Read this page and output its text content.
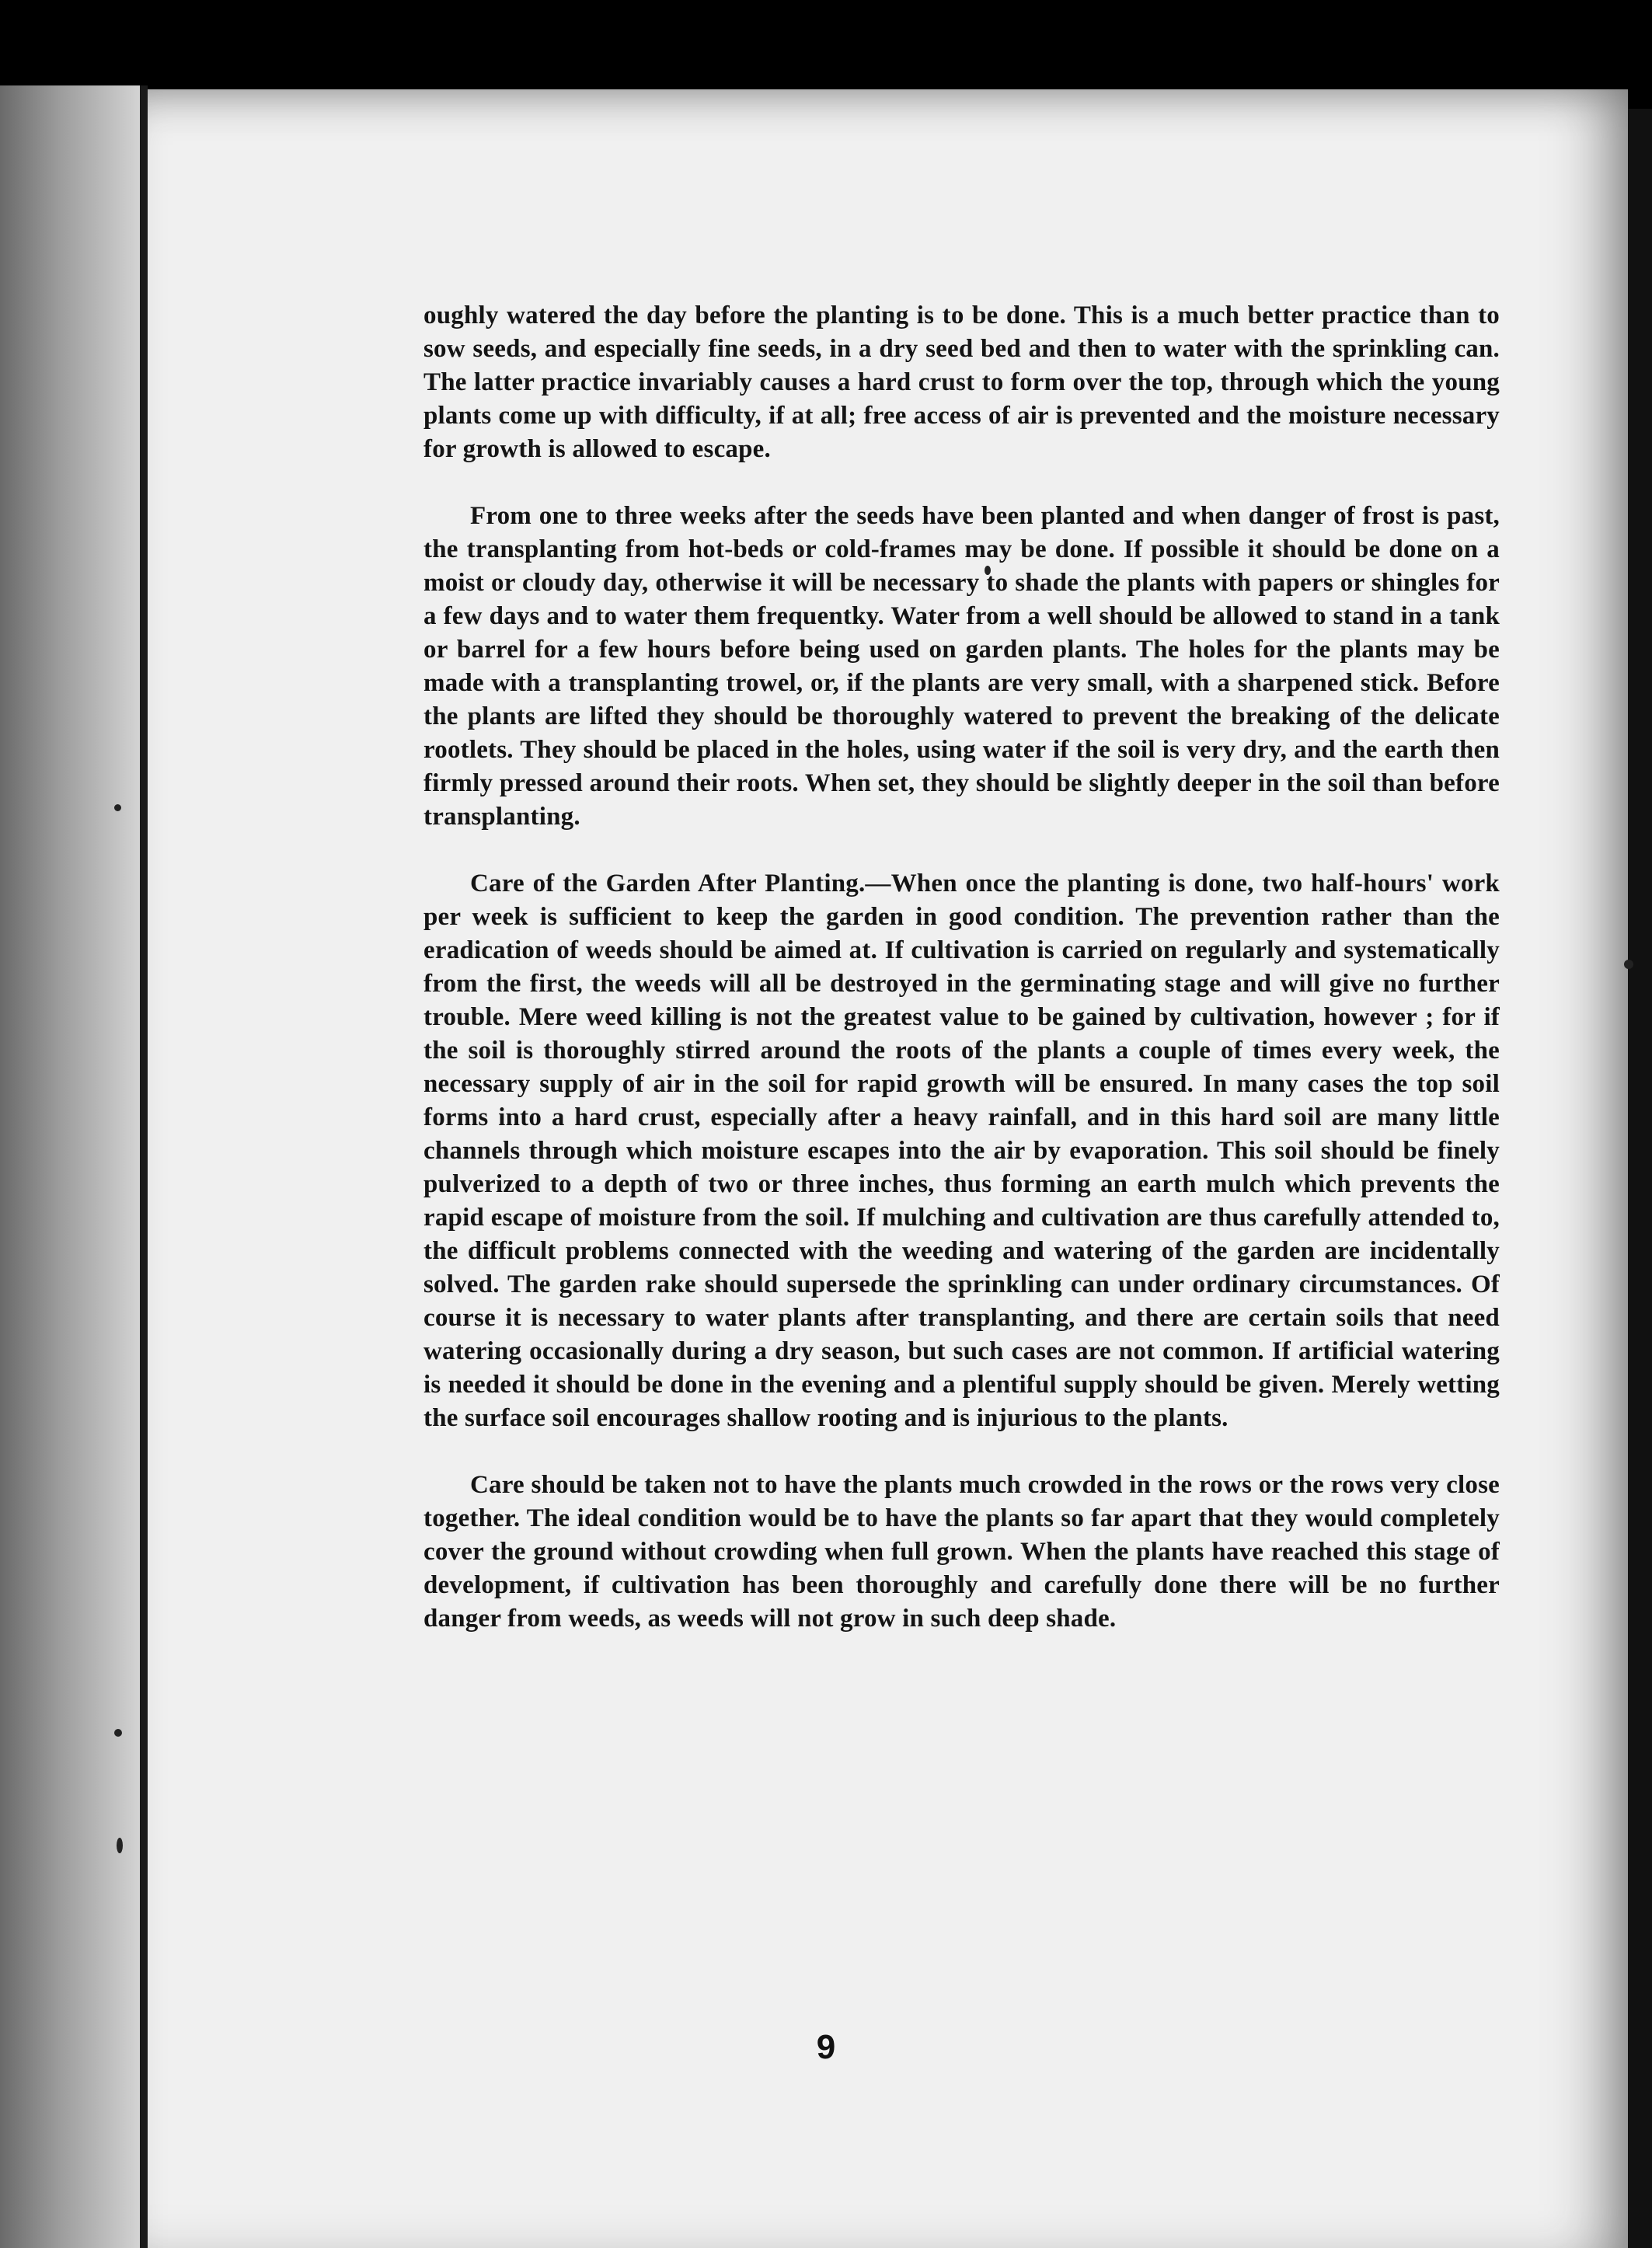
oughly watered the day before the planting is to be done. This is a much better practice than to sow seeds, and especially fine seeds, in a dry seed bed and then to water with the sprinkling can. The latter practice invariably causes a hard crust to form over the top, through which the young plants come up with difficulty, if at all; free access of air is prevented and the moisture necessary for growth is allowed to escape.

From one to three weeks after the seeds have been planted and when danger of frost is past, the transplanting from hot-beds or cold-frames may be done. If possible it should be done on a moist or cloudy day, otherwise it will be necessary to shade the plants with papers or shingles for a few days and to water them frequentky. Water from a well should be allowed to stand in a tank or barrel for a few hours before being used on garden plants. The holes for the plants may be made with a transplanting trowel, or, if the plants are very small, with a sharpened stick. Before the plants are lifted they should be thoroughly watered to prevent the breaking of the delicate rootlets. They should be placed in the holes, using water if the soil is very dry, and the earth then firmly pressed around their roots. When set, they should be slightly deeper in the soil than before transplanting.

Care of the Garden After Planting.—When once the planting is done, two half-hours' work per week is sufficient to keep the garden in good condition. The prevention rather than the eradication of weeds should be aimed at. If cultivation is carried on regularly and systematically from the first, the weeds will all be destroyed in the germinating stage and will give no further trouble. Mere weed killing is not the greatest value to be gained by cultivation, however ; for if the soil is thoroughly stirred around the roots of the plants a couple of times every week, the necessary supply of air in the soil for rapid growth will be ensured. In many cases the top soil forms into a hard crust, especially after a heavy rainfall, and in this hard soil are many little channels through which moisture escapes into the air by evaporation. This soil should be finely pulverized to a depth of two or three inches, thus forming an earth mulch which prevents the rapid escape of moisture from the soil. If mulching and cultivation are thus carefully attended to, the difficult problems connected with the weeding and watering of the garden are incidentally solved. The garden rake should supersede the sprinkling can under ordinary circumstances. Of course it is necessary to water plants after transplanting, and there are certain soils that need watering occasionally during a dry season, but such cases are not common. If artificial watering is needed it should be done in the evening and a plentiful supply should be given. Merely wetting the surface soil encourages shallow rooting and is injurious to the plants.

Care should be taken not to have the plants much crowded in the rows or the rows very close together. The ideal condition would be to have the plants so far apart that they would completely cover the ground without crowding when full grown. When the plants have reached this stage of development, if cultivation has been thoroughly and carefully done there will be no further danger from weeds, as weeds will not grow in such deep shade.

9
